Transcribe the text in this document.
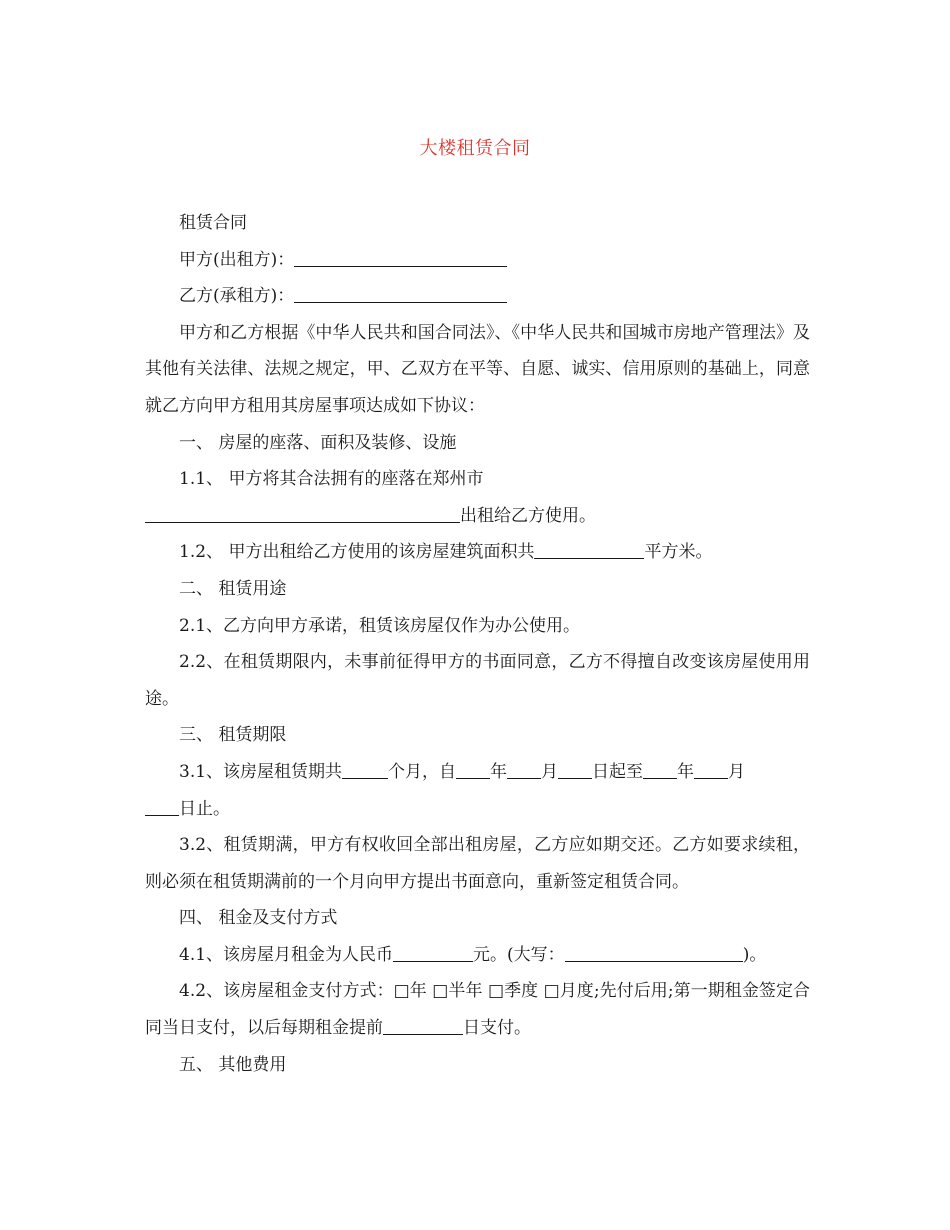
大楼租赁合同

租赁合同

甲方(出租方)：

乙方(承租方)：

甲方和乙方根据《中华人民共和国合同法》、《中华人民共和国城市房地产管理法》及其他有关法律、法规之规定，甲、乙双方在平等、自愿、诚实、信用原则的基础上，同意就乙方向甲方租用其房屋事项达成如下协议：

一、 房屋的座落、面积及装修、设施

1.1、 甲方将其合法拥有的座落在郑州市

出租给乙方使用。

1.2、 甲方出租给乙方使用的该房屋建筑面积共	平方米。

二、 租赁用途

2.1、乙方向甲方承诺，租赁该房屋仅作为办公使用。

2.2、在租赁期限内，未事前征得甲方的书面同意，乙方不得擅自改变该房屋使用用途。

三、 租赁期限

3.1、该房屋租赁期共	个月，自 年 月 日起至 年 月

日止。

3.2、租赁期满，甲方有权收回全部出租房屋，乙方应如期交还。乙方如要求续租，则必须在租赁期满前的一个月向甲方提出书面意向，重新签定租赁合同。

四、 租金及支付方式

4.1、该房屋月租金为人民币	元。(大写：	)。

4.2、该房屋租金支付方式：□年 □半年 □季度 □月度;先付后用;第一期租金签定合同当日支付，以后每期租金提前	日支付。

五、 其他费用
